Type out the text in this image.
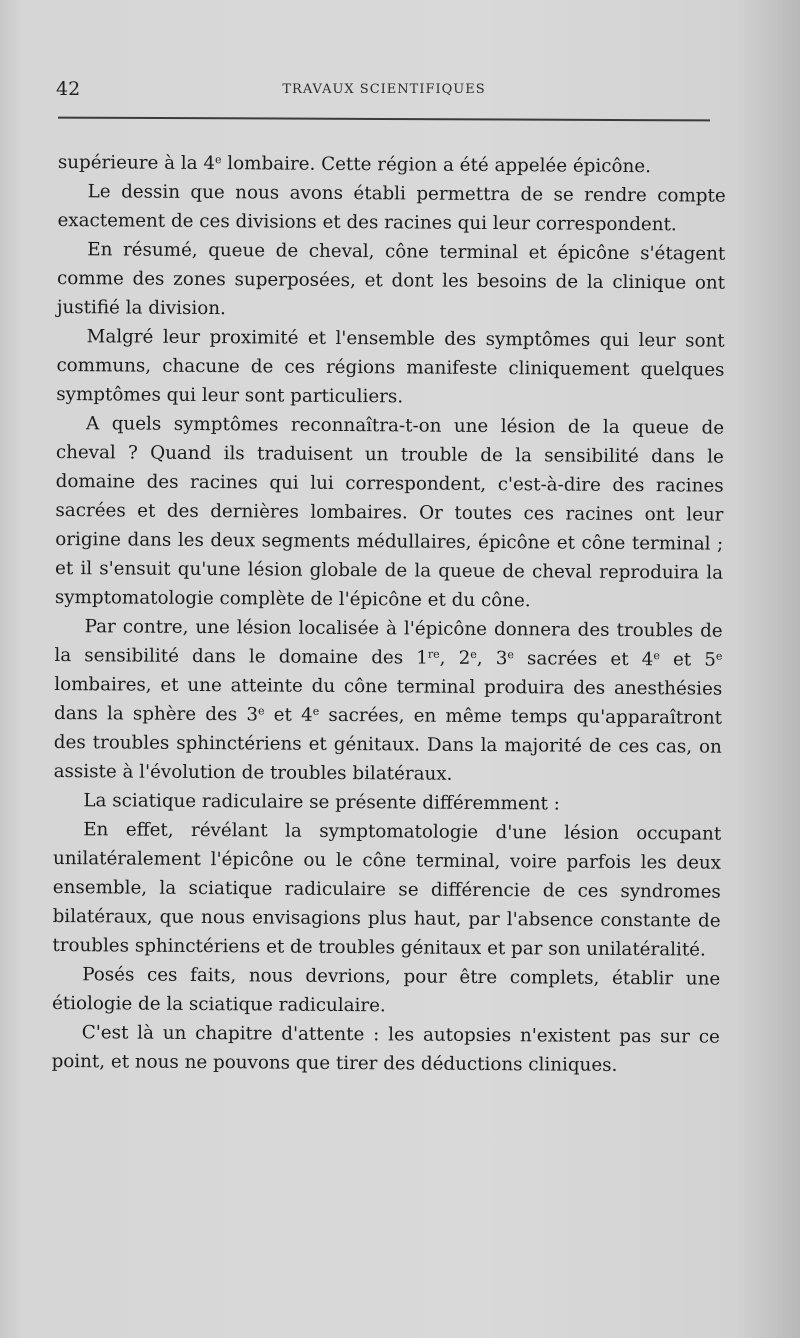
42	TRAVAUX SCIENTIFIQUES

supérieure à la 4e lombaire. Cette région a été appelée épicône.

Le dessin que nous avons établi permettra de se rendre compte exactement de ces divisions et des racines qui leur correspondent.

En résumé, queue de cheval, cône terminal et épicône s'étagent comme des zones superposées, et dont les besoins de la clinique ont justifié la division.

Malgré leur proximité et l'ensemble des symptômes qui leur sont communs, chacune de ces régions manifeste cliniquement quelques symptômes qui leur sont particuliers.

A quels symptômes reconnaîtra-t-on une lésion de la queue de cheval ? Quand ils traduisent un trouble de la sensibilité dans le domaine des racines qui lui correspondent, c'est-à-dire des racines sacrées et des dernières lombaires. Or toutes ces racines ont leur origine dans les deux segments médullaires, épicône et cône terminal ; et il s'ensuit qu'une lésion globale de la queue de cheval reproduira la symptomatologie complète de l'épicône et du cône.

Par contre, une lésion localisée à l'épicône donnera des troubles de la sensibilité dans le domaine des 1re, 2e, 3e sacrées et 4e et 5e lombaires, et une atteinte du cône terminal produira des anesthésies dans la sphère des 3e et 4e sacrées, en même temps qu'apparaîtront des troubles sphinctériens et génitaux. Dans la majorité de ces cas, on assiste à l'évolution de troubles bilatéraux.

La sciatique radiculaire se présente différemment :

En effet, révélant la symptomatologie d'une lésion occupant unilatéralement l'épicône ou le cône terminal, voire parfois les deux ensemble, la sciatique radiculaire se différencie de ces syndromes bilatéraux, que nous envisagions plus haut, par l'absence constante de troubles sphinctériens et de troubles génitaux et par son unilatéralité.

Posés ces faits, nous devrions, pour être complets, établir une étiologie de la sciatique radiculaire.

C'est là un chapitre d'attente : les autopsies n'existent pas sur ce point, et nous ne pouvons que tirer des déductions cliniques.
